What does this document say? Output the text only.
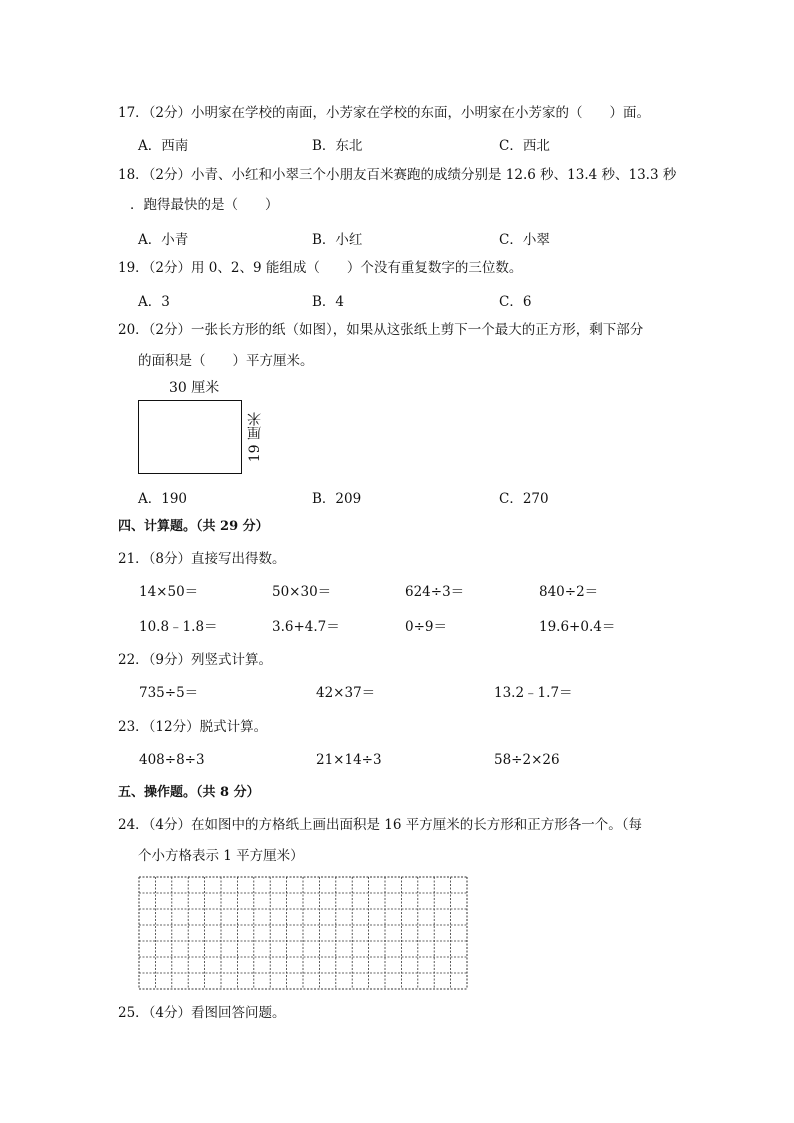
17．（2分）小明家在学校的南面，小芳家在学校的东面，小明家在小芳家的（　　）面。
A．西南	B．东北	C．西北
18．（2分）小青、小红和小翠三个小朋友百米赛跑的成绩分别是 12.6 秒、13.4 秒、13.3 秒
．跑得最快的是（　　）
A．小青	B．小红	C．小翠
19．（2分）用 0、2、9 能组成（　　）个没有重复数字的三位数。
A．3	B．4	C．6
20．（2分）一张长方形的纸（如图），如果从这张纸上剪下一个最大的正方形，剩下部分
的面积是（　　）平方厘米。
30 厘米
19 厘米
A．190	B．209	C．270
四、计算题。（共 29 分）
21．（8分）直接写出得数。
14×50＝	50×30＝	624÷3＝	840÷2＝
10.8﹣1.8＝	3.6+4.7＝	0÷9＝	19.6+0.4＝
22．（9分）列竖式计算。
735÷5＝	42×37＝	13.2﹣1.7＝
23．（12分）脱式计算。
408÷8÷3	21×14÷3	58÷2×26
五、操作题。（共 8 分）
24．（4分）在如图中的方格纸上画出面积是 16 平方厘米的长方形和正方形各一个。（每
个小方格表示 1 平方厘米）
25．（4分）看图回答问题。
